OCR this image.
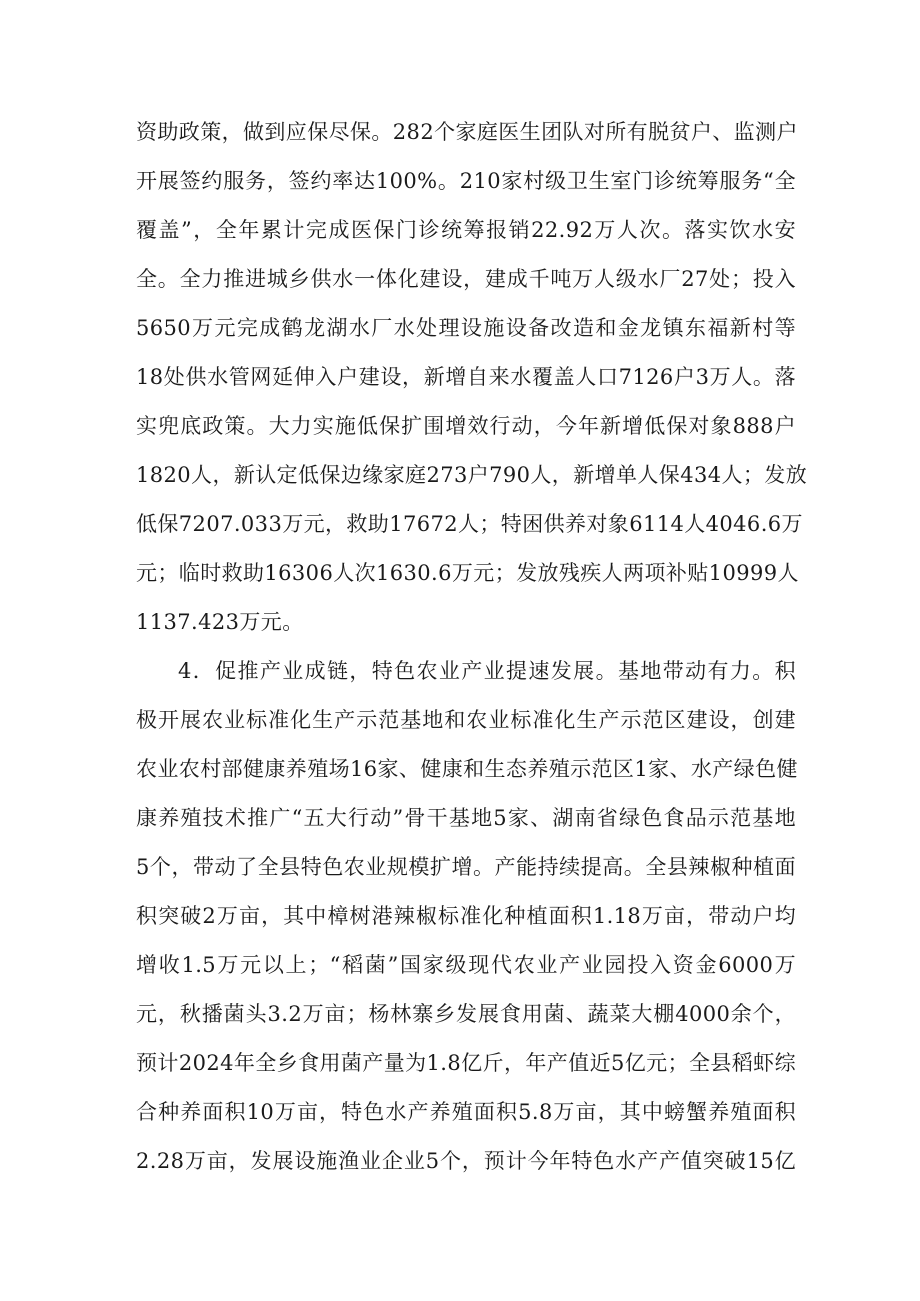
资助政策，做到应保尽保。282个家庭医生团队对所有脱贫户、监测户
开展签约服务，签约率达100%。210家村级卫生室门诊统筹服务“全
覆盖”，全年累计完成医保门诊统筹报销22.92万人次。落实饮水安
全。全力推进城乡供水一体化建设，建成千吨万人级水厂27处；投入
5650万元完成鹤龙湖水厂水处理设施设备改造和金龙镇东福新村等
18处供水管网延伸入户建设，新增自来水覆盖人口7126户3万人。落
实兜底政策。大力实施低保扩围增效行动，今年新增低保对象888户
1820人，新认定低保边缘家庭273户790人，新增单人保434人；发放
低保7207.033万元，救助17672人；特困供养对象6114人4046.6万
元；临时救助16306人次1630.6万元；发放残疾人两项补贴10999人
1137.423万元。
4．促推产业成链，特色农业产业提速发展。基地带动有力。积
极开展农业标准化生产示范基地和农业标准化生产示范区建设，创建
农业农村部健康养殖场16家、健康和生态养殖示范区1家、水产绿色健
康养殖技术推广“五大行动”骨干基地5家、湖南省绿色食品示范基地
5个，带动了全县特色农业规模扩增。产能持续提高。全县辣椒种植面
积突破2万亩，其中樟树港辣椒标准化种植面积1.18万亩，带动户均
增收1.5万元以上；“稻菌”国家级现代农业产业园投入资金6000万
元，秋播菌头3.2万亩；杨林寨乡发展食用菌、蔬菜大棚4000余个，
预计2024年全乡食用菌产量为1.8亿斤，年产值近5亿元；全县稻虾综
合种养面积10万亩，特色水产养殖面积5.8万亩，其中螃蟹养殖面积
2.28万亩，发展设施渔业企业5个，预计今年特色水产产值突破15亿
